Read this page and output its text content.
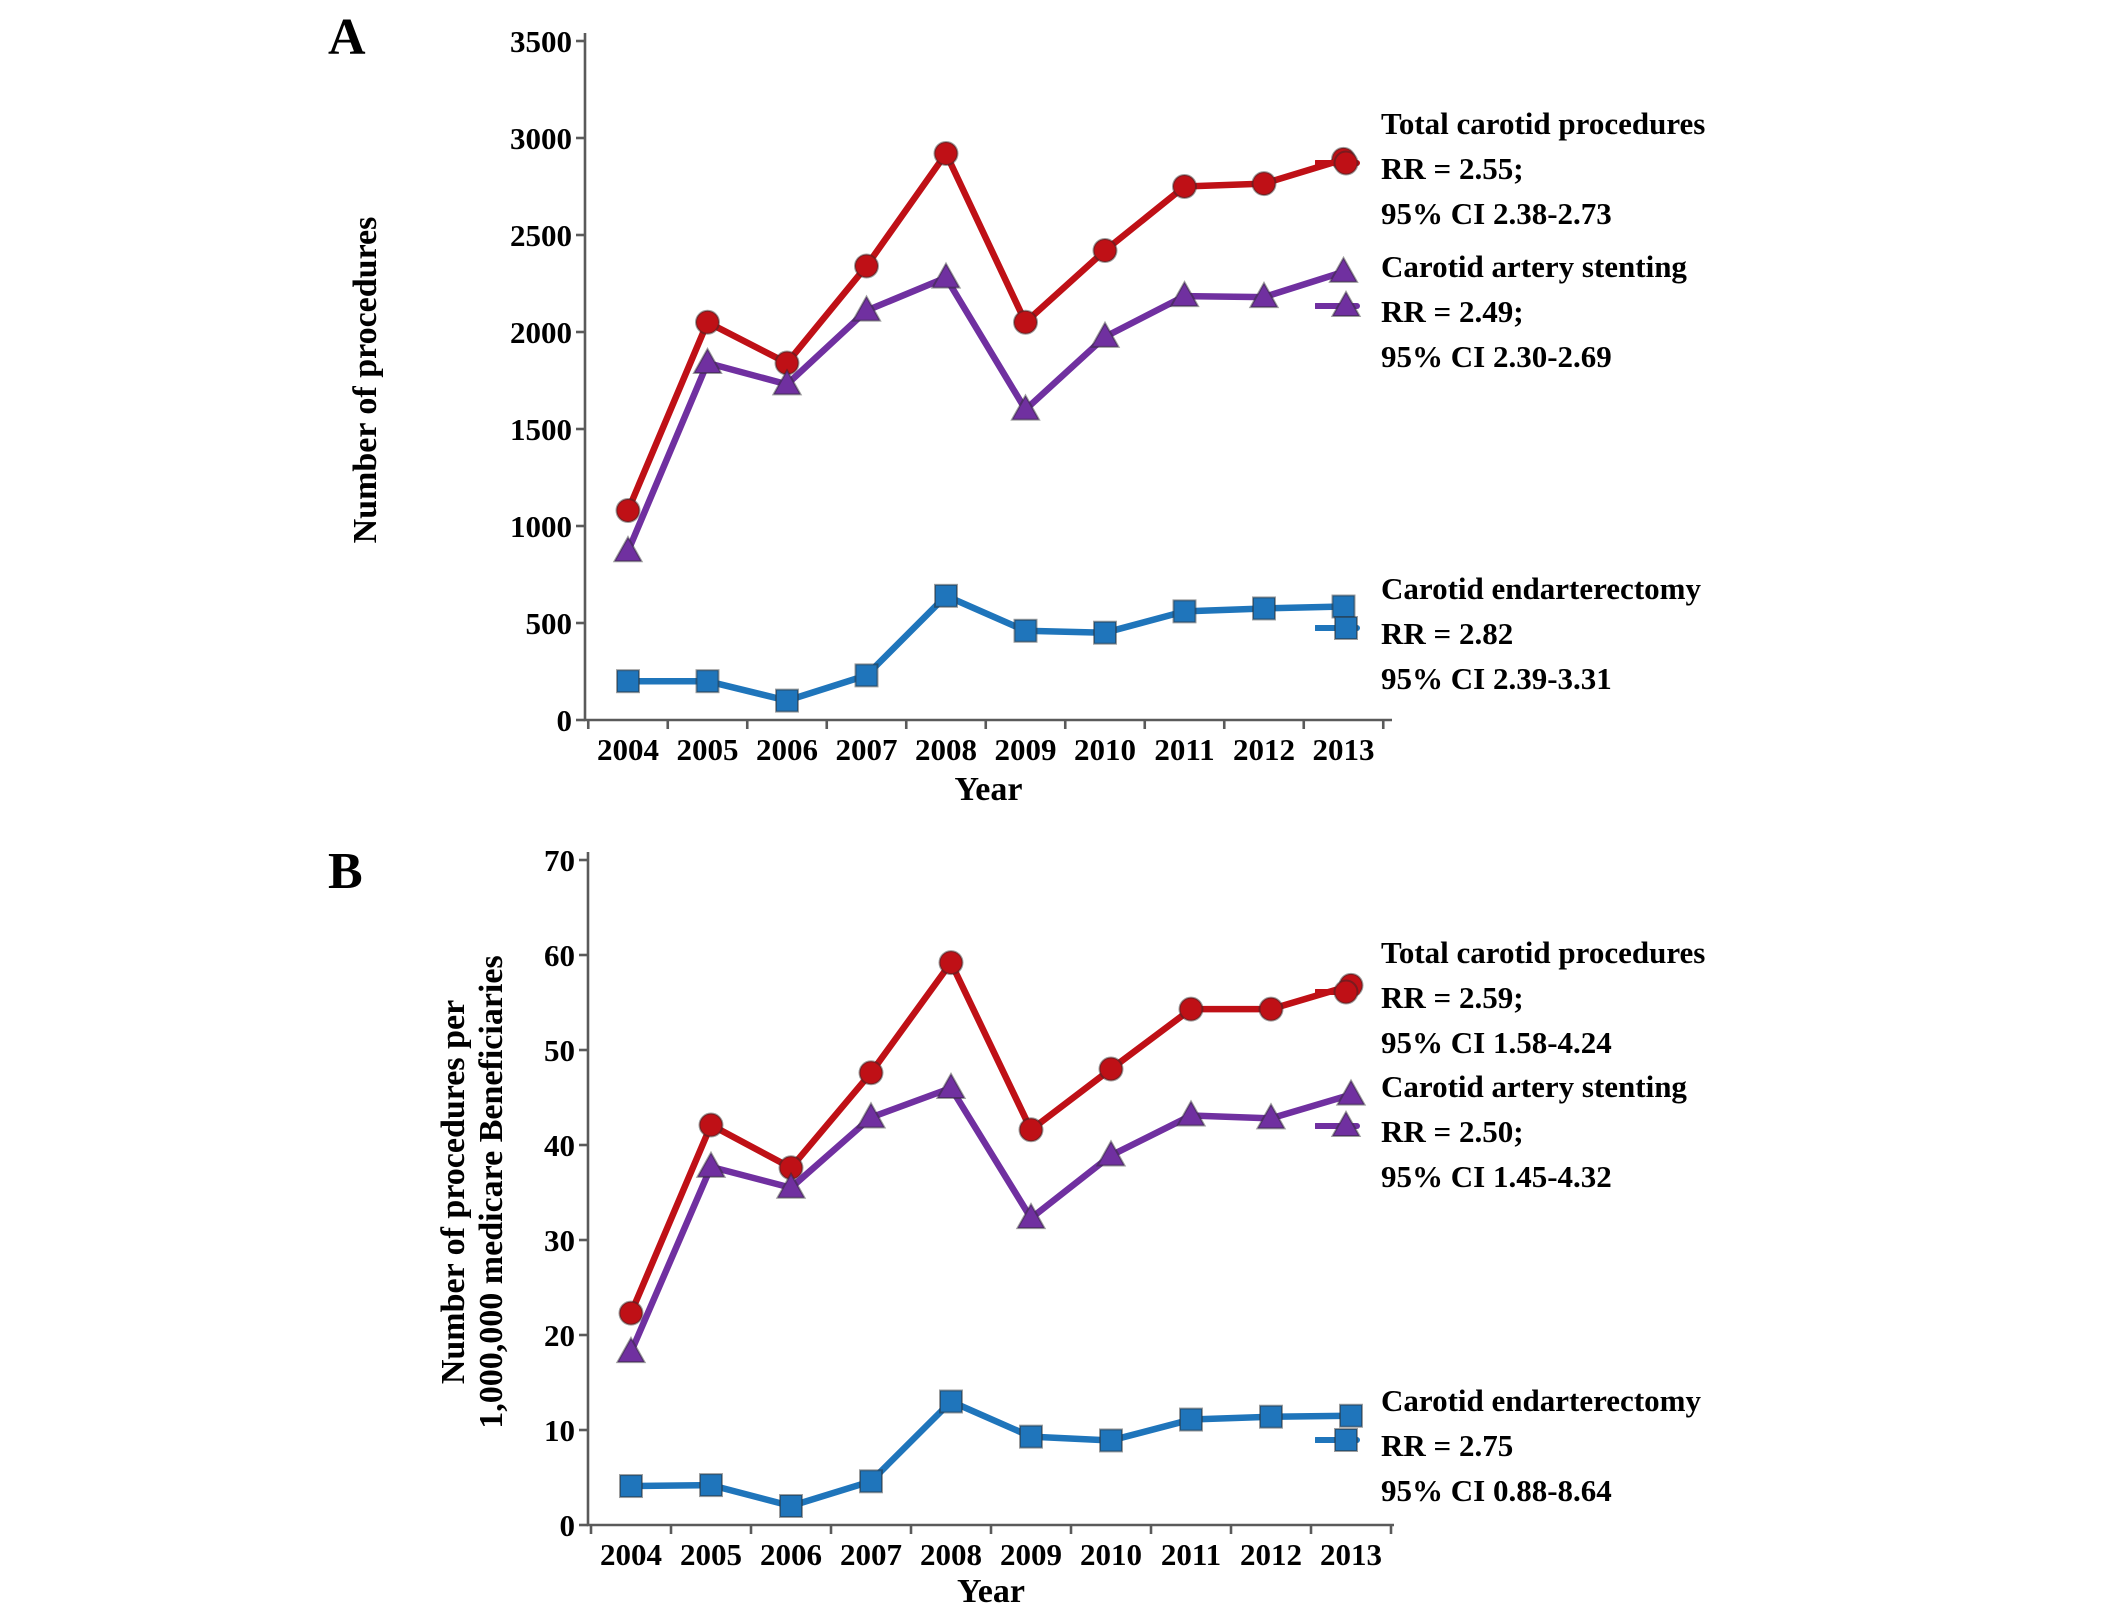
A
0
500
1000
1500
2000
2500
3000
3500
2004 2005 2006 2007 2008 2009 2010 2011 2012 2013
Year
Number of procedures
Total carotid procedures
RR = 2.55;
95% CI 2.38-2.73
Carotid artery stenting
RR = 2.49;
95% CI 2.30-2.69
Carotid endarterectomy
RR = 2.82
95% CI 2.39-3.31
B
0
10
20
30
40
50
60
70
2004 2005 2006 2007 2008 2009 2010 2011 2012 2013
Year
Number of procedures per1,000,000 medicare Beneficiaries
Total carotid procedures
RR = 2.59;
95% CI 1.58-4.24
Carotid artery stenting
RR = 2.50;
95% CI 1.45-4.32
Carotid endarterectomy
RR = 2.75
95% CI 0.88-8.64
